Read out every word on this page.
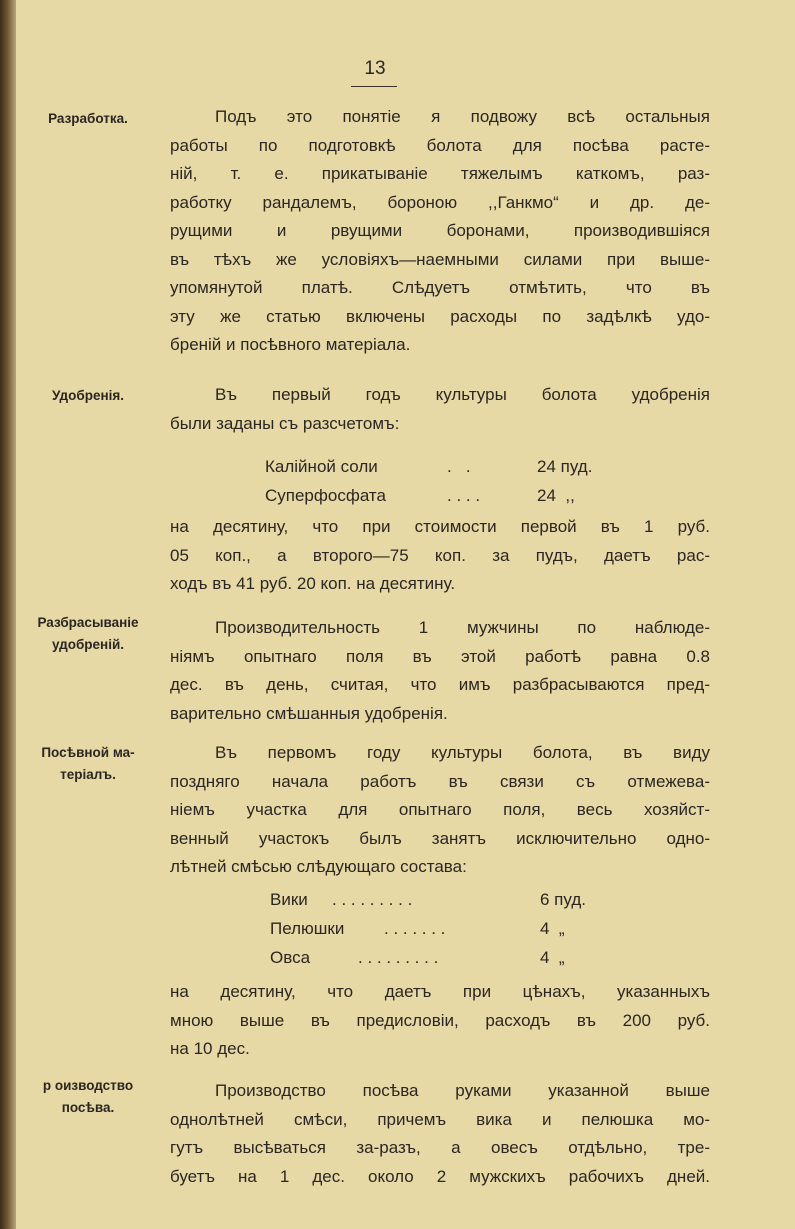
13
Разработка.	Подъ это понятіе я подвожу всѣ остальныя
работы по подготовкѣ болота для посѣва расте-
ній, т. е. прикатываніе тяжелымъ каткомъ, раз-
работку рандалемъ, бороною ,,Ганкмо“ и др. де-
рущими и рвущими боронами, производившіяся
въ тѣхъ же условіяхъ—наемными силами при выше-
упомянутой платѣ. Слѣдуетъ отмѣтить, что въ
эту же статью включены расходы по задѣлкѣ удо-
бреній и посѣвного матеріала.
Удобренія.	Въ первый годъ культуры болота удобренія
были заданы съ разсчетомъ:
Калійной соли	.   .	24 пуд.
Суперфосфата	. . . .	24  ,,
на десятину, что при стоимости первой въ 1 руб.
05 коп., а второго—75 коп. за пудъ, даетъ рас-
ходъ въ 41 руб. 20 коп. на десятину.
Разбрасываніе
удобреній.
Производительность 1 мужчины по наблюде-
ніямъ опытнаго поля въ этой работѣ равна 0.8
дес. въ день, считая, что имъ разбрасываются пред-
варительно смѣшанныя удобренія.
Посѣвной ма-
теріалъ.
Въ первомъ году культуры болота, въ виду
поздняго начала работъ въ связи съ отмежева-
ніемъ участка для опытнаго поля, весь хозяйст-
венный участокъ былъ занятъ исключительно одно-
лѣтней смѣсью слѣдующаго состава:
Вики . . . . . . . . .	6 пуд.
Пелюшки . . . . . . .	4  „
Овса	. . . . . . . . .	4  „
на десятину, что даетъ при цѣнахъ, указанныхъ
мною выше въ предисловіи, расходъ въ 200 руб.
на 10 дес.
р оизводство
посѣва.
Производство посѣва руками указанной выше
однолѣтней смѣси, причемъ вика и пелюшка мо-
гутъ высѣваться за-разъ, а овесъ отдѣльно, тре-
буетъ на 1 дес. около 2 мужскихъ рабочихъ дней.
